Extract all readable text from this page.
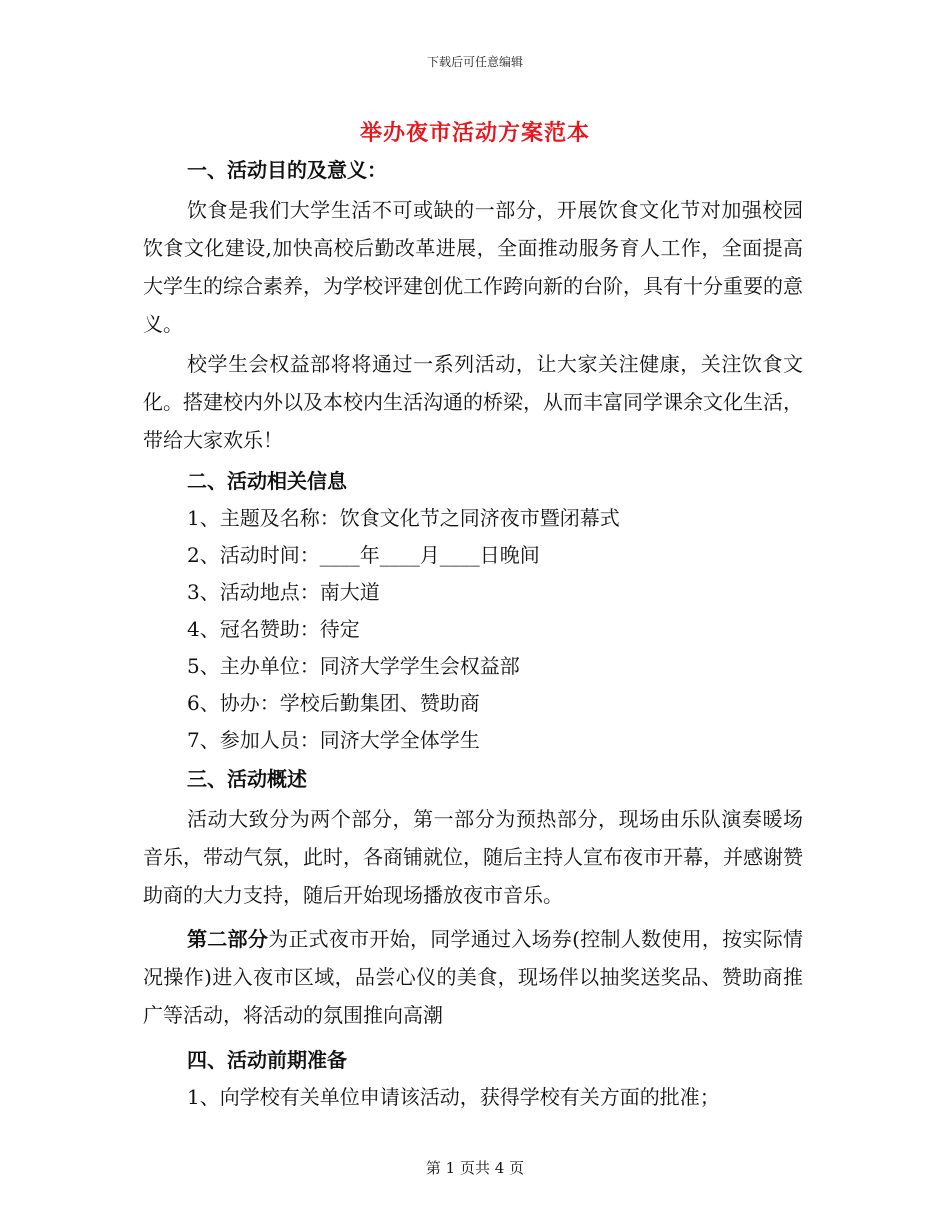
下载后可任意编辑
举办夜市活动方案范本
一、活动目的及意义：

饮食是我们大学生活不可或缺的一部分，开展饮食文化节对加强校园饮食文化建设,加快高校后勤改革进展，全面推动服务育人工作，全面提高大学生的综合素养，为学校评建创优工作跨向新的台阶，具有十分重要的意义。

校学生会权益部将将通过一系列活动，让大家关注健康，关注饮食文化。搭建校内外以及本校内生活沟通的桥梁，从而丰富同学课余文化生活，带给大家欢乐！

二、活动相关信息
1、主题及名称：饮食文化节之同济夜市暨闭幕式
2、活动时间：____年____月____日晚间
3、活动地点：南大道
4、冠名赞助：待定
5、主办单位：同济大学学生会权益部
6、协办：学校后勤集团、赞助商
7、参加人员：同济大学全体学生
三、活动概述

活动大致分为两个部分，第一部分为预热部分，现场由乐队演奏暖场音乐，带动气氛，此时，各商铺就位，随后主持人宣布夜市开幕，并感谢赞助商的大力支持，随后开始现场播放夜市音乐。

第二部分为正式夜市开始，同学通过入场券(控制人数使用，按实际情况操作)进入夜市区域，品尝心仪的美食，现场伴以抽奖送奖品、赞助商推广等活动，将活动的氛围推向高潮

四、活动前期准备
1、向学校有关单位申请该活动，获得学校有关方面的批准；
第 1 页共 4 页
